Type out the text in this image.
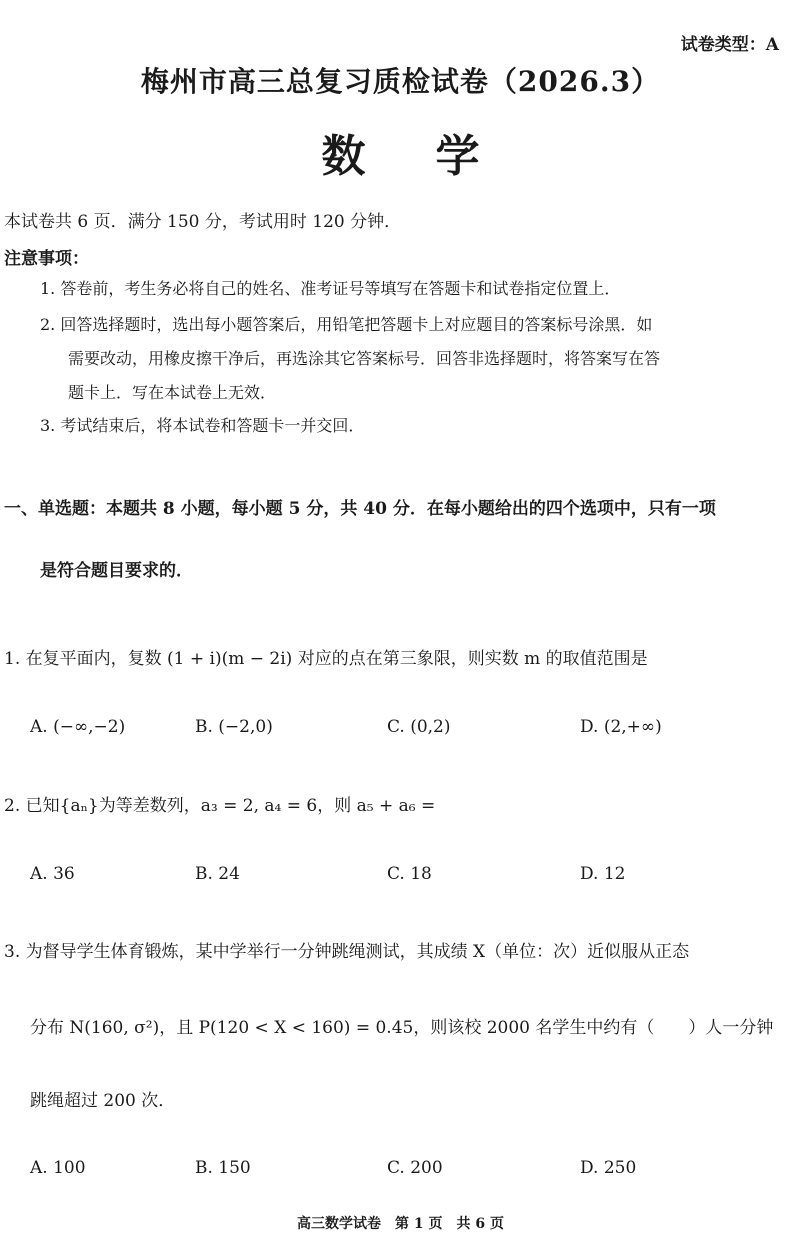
试卷类型：A
梅州市高三总复习质检试卷（2026.3）
数学
本试卷共 6 页．满分 150 分，考试用时 120 分钟．
注意事项：
1. 答卷前，考生务必将自己的姓名、准考证号等填写在答题卡和试卷指定位置上．
2. 回答选择题时，选出每小题答案后，用铅笔把答题卡上对应题目的答案标号涂黑．如
需要改动，用橡皮擦干净后，再选涂其它答案标号．回答非选择题时，将答案写在答
题卡上．写在本试卷上无效．
3. 考试结束后，将本试卷和答题卡一并交回．
一、单选题：本题共 8 小题，每小题 5 分，共 40 分．在每小题给出的四个选项中，只有一项
是符合题目要求的．
1. 在复平面内，复数 (1 + i)(m − 2i) 对应的点在第三象限，则实数 m 的取值范围是
A. (−∞,−2)	B. (−2,0)	C. (0,2)	D. (2,+∞)
2. 已知{aₙ}为等差数列，a₃ = 2, a₄ = 6，则 a₅ + a₆ =
A. 36	B. 24	C. 18	D. 12
3. 为督导学生体育锻炼，某中学举行一分钟跳绳测试，其成绩 X（单位：次）近似服从正态
分布 N(160, σ²)，且 P(120 < X < 160) = 0.45，则该校 2000 名学生中约有（　　）人一分钟
跳绳超过 200 次．
A. 100	B. 150	C. 200	D. 250
高三数学试卷　第 1 页　共 6 页
